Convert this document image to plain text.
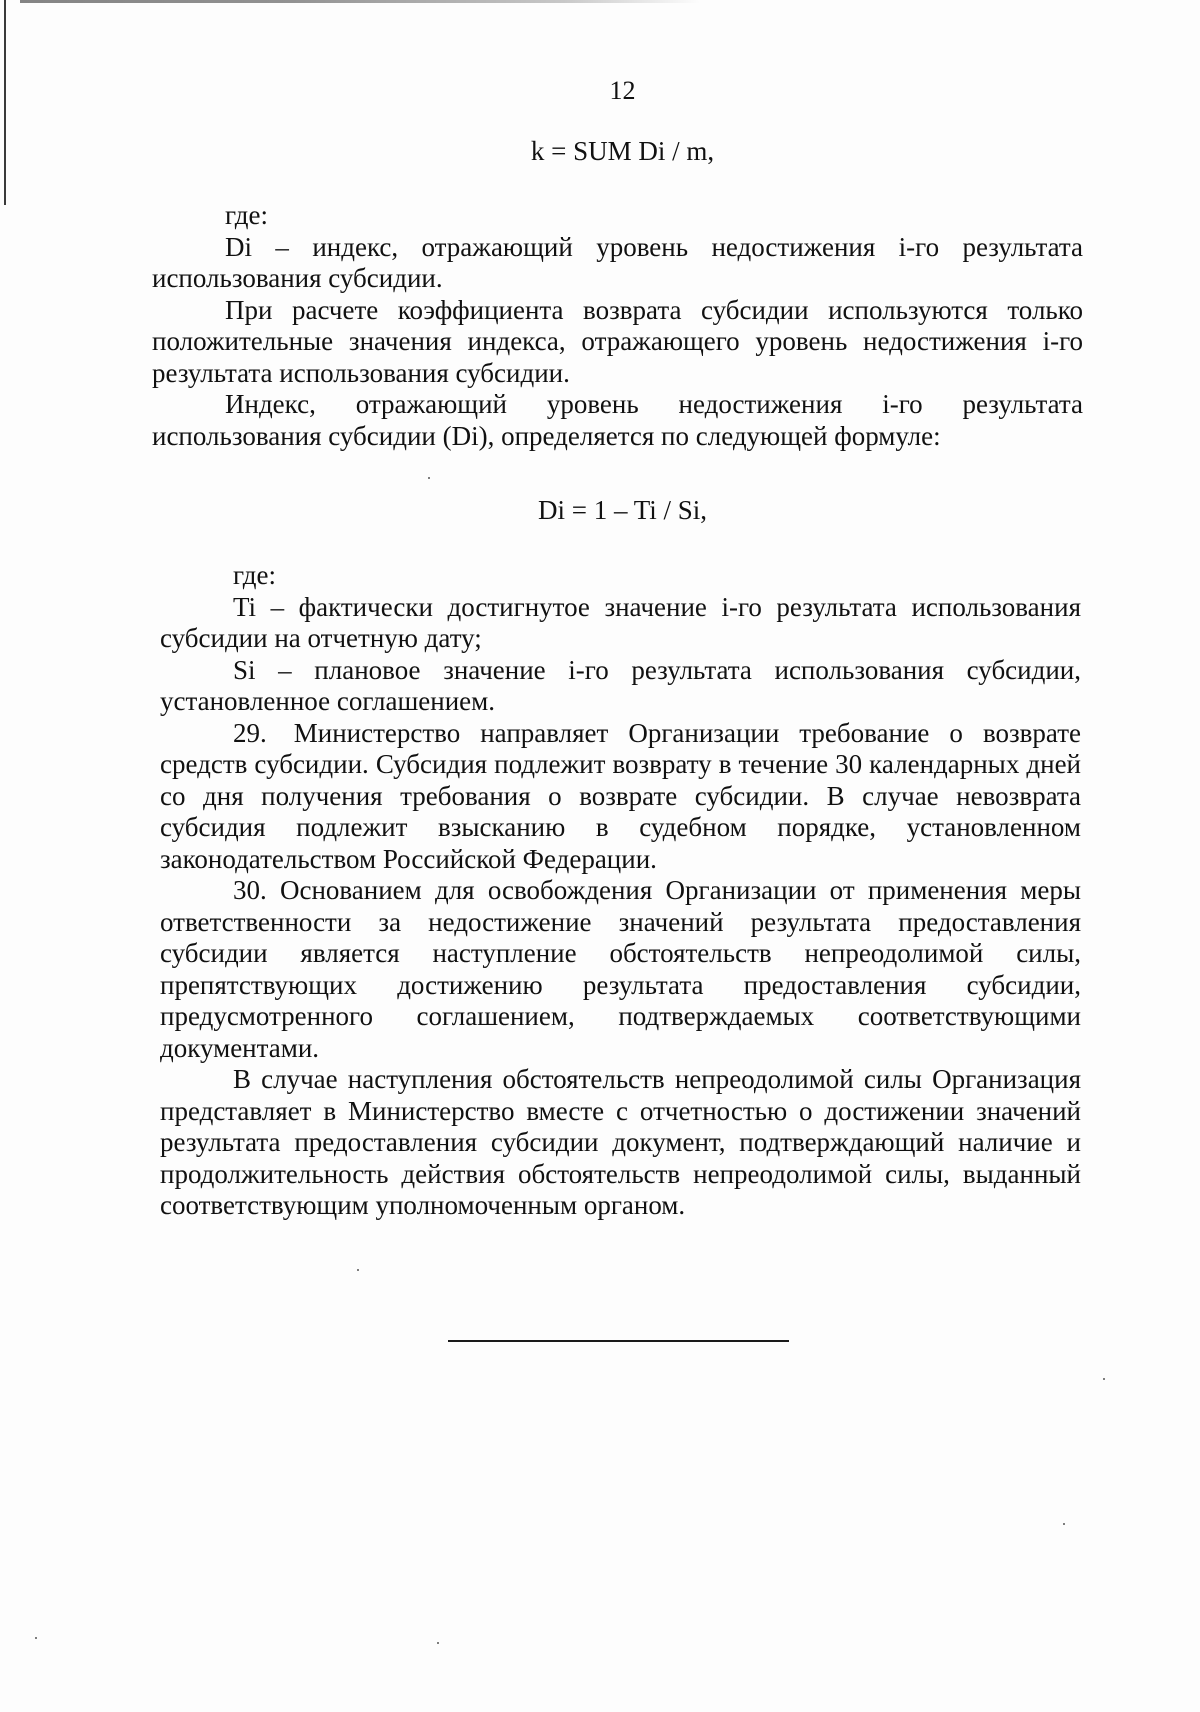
12
k = SUM Di / m,

где:

Di – индекс, отражающий уровень недостижения i-го результата использования субсидии.

При расчете коэффициента возврата субсидии используются только положительные значения индекса, отражающего уровень недостижения i-го результата использования субсидии.

Индекс, отражающий уровень недостижения i-го результата использования субсидии (Di), определяется по следующей формуле:

Di = 1 – Ti / Si,

где:

Ti – фактически достигнутое значение i-го результата использования субсидии на отчетную дату;

Si – плановое значение i-го результата использования субсидии, установленное соглашением.

29. Министерство направляет Организации требование о возврате средств субсидии. Субсидия подлежит возврату в течение 30 календарных дней со дня получения требования о возврате субсидии. В случае невозврата субсидия подлежит взысканию в судебном порядке, установленном законодательством Российской Федерации.

30. Основанием для освобождения Организации от применения меры ответственности за недостижение значений результата предоставления субсидии является наступление обстоятельств непреодолимой силы, препятствующих достижению результата предоставления субсидии, предусмотренного соглашением, подтверждаемых соответствующими документами.

В случае наступления обстоятельств непреодолимой силы Организация представляет в Министерство вместе с отчетностью о достижении значений результата предоставления субсидии документ, подтверждающий наличие и продолжительность действия обстоятельств непреодолимой силы, выданный соответствующим уполномоченным органом.
